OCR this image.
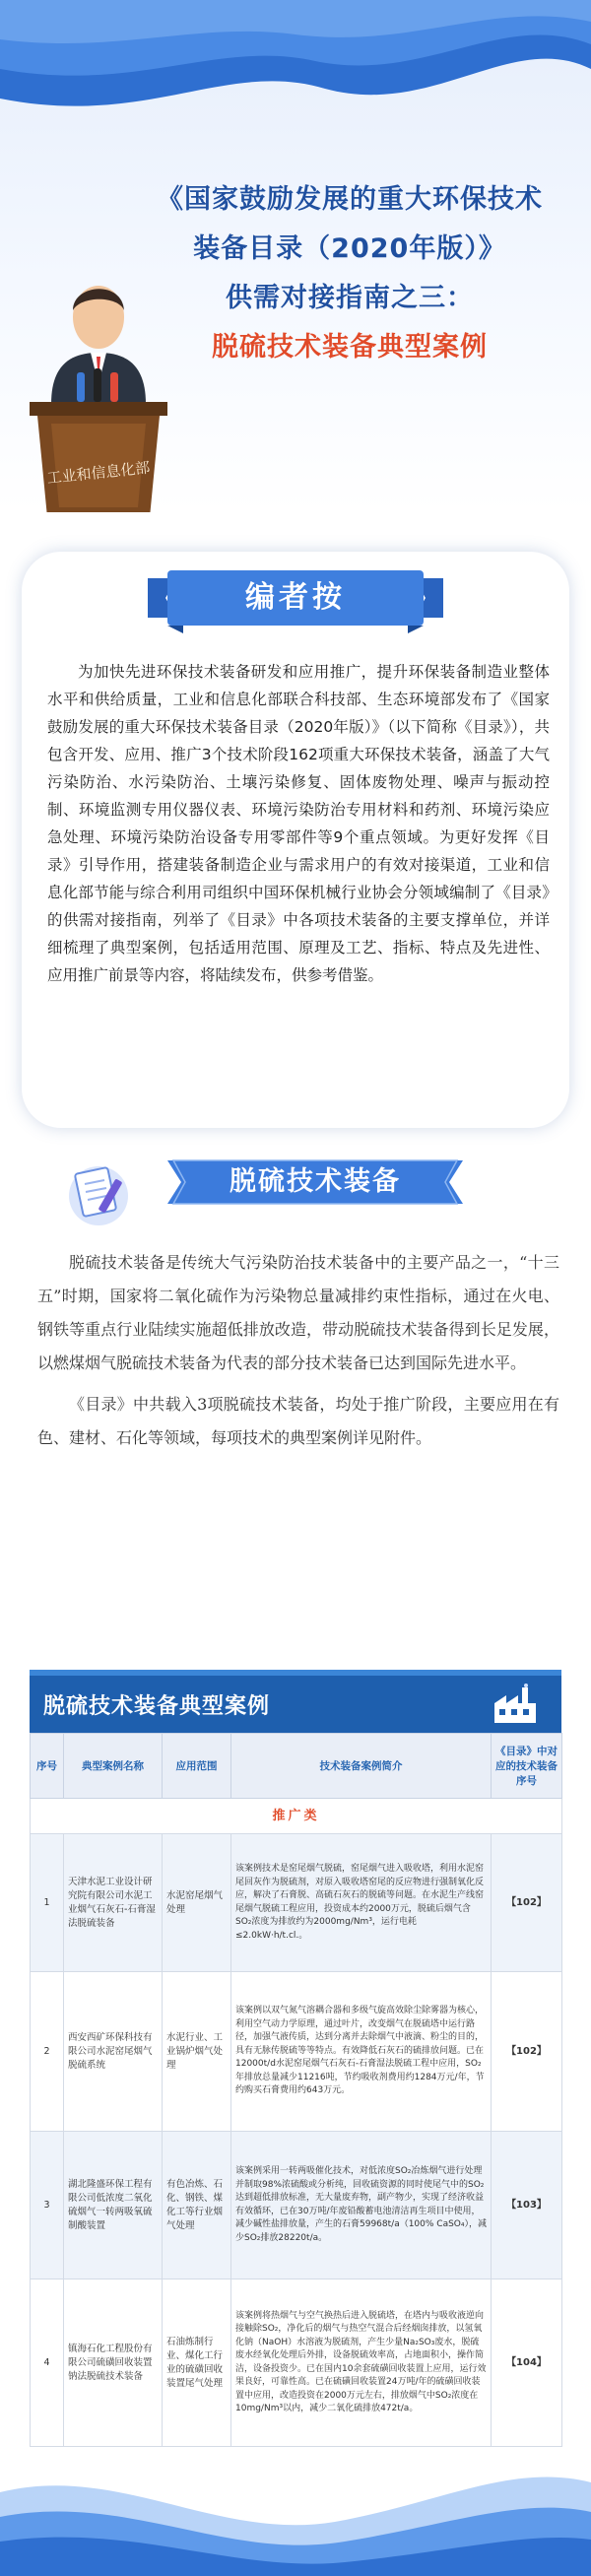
《国家鼓励发展的重大环保技术
装备目录（2020年版）》
供需对接指南之三：
脱硫技术装备典型案例
工业和信息化部
编者按
为加快先进环保技术装备研发和应用推广，提升环保装备制造业整体水平和供给质量，工业和信息化部联合科技部、生态环境部发布了《国家鼓励发展的重大环保技术装备目录（2020年版）》（以下简称《目录》），共包含开发、应用、推广3个技术阶段162项重大环保技术装备，涵盖了大气污染防治、水污染防治、土壤污染修复、固体废物处理、噪声与振动控制、环境监测专用仪器仪表、环境污染防治专用材料和药剂、环境污染应急处理、环境污染防治设备专用零部件等9个重点领域。为更好发挥《目录》引导作用，搭建装备制造企业与需求用户的有效对接渠道，工业和信息化部节能与综合利用司组织中国环保机械行业协会分领域编制了《目录》的供需对接指南，列举了《目录》中各项技术装备的主要支撑单位，并详细梳理了典型案例，包括适用范围、原理及工艺、指标、特点及先进性、应用推广前景等内容，将陆续发布，供参考借鉴。
脱硫技术装备

脱硫技术装备是传统大气污染防治技术装备中的主要产品之一，“十三五”时期，国家将二氧化硫作为污染物总量减排约束性指标，通过在火电、钢铁等重点行业陆续实施超低排放改造，带动脱硫技术装备得到长足发展，以燃煤烟气脱硫技术装备为代表的部分技术装备已达到国际先进水平。

《目录》中共载入3项脱硫技术装备，均处于推广阶段，主要应用在有色、建材、石化等领域，每项技术的典型案例详见附件。

脱硫技术装备典型案例
序号	典型案例名称	应用范围	技术装备案例简介	《目录》中对应的技术装备序号
推广类				
1	天津水泥工业设计研究院有限公司水泥工业烟气石灰石-石膏湿法脱硫装备	水泥窑尾烟气处理	该案例技术是窑尾烟气脱硫，窑尾烟气进入吸收塔，利用水泥窑尾回灰作为脱硫剂，对原入吸收塔窑尾的反应物进行强制氧化反应，解决了石膏脱、高硫石灰石的脱硫等问题。在水泥生产线窑尾烟气脱硫工程应用，投资成本约2000万元，脱硫后烟气含SO₂浓度为排放约为2000mg/Nm³，运行电耗≤2.0kW·h/t.cl.。	【102】
2	西安西矿环保科技有限公司水泥窑尾烟气脱硫系统	水泥行业、工业锅炉烟气处理	该案例以双气氮气溶耦合器和多级气旋高效除尘除雾器为核心，利用空气动力学原理，通过叶片，改变烟气在脱硫塔中运行路径，加强气液传质，达到分离并去除烟气中液滴、粉尘的目的，具有无脉传脱硫等等特点。有效降低石灰石的硫排放问题。已在12000t/d水泥窑尾烟气石灰石-石膏湿法脱硫工程中应用，SO₂年排放总量减少11216吨，节约吸收剂费用约1284万元/年，节约购买石膏费用约643万元。	【102】
3	湖北隆盛环保工程有限公司低浓度二氧化硫烟气一转两吸氧硫制酸装置	有色冶炼、石化、钢铁、煤化工等行业烟气处理	该案例采用一转两吸催化技术，对低浓度SO₂冶炼烟气进行处理并制取98%浓硫酸或分析纯，回收硫资源的同时使尾气中的SO₂达到超低排放标准，无大量废弃物，副产物少，实现了经济收益有效循环，已在30万吨/年废铅酸蓄电池清洁再生项目中使用，减少碱性盐排放量，产生的石膏59968t/a（100% CaSO₄），减少SO₂排放28220t/a。	【103】
4	镇海石化工程股份有限公司硫磺回收装置钠法脱硫技术装备	石油炼制行业、煤化工行业的硫磺回收装置尾气处理	该案例将热烟气与空气换热后进入脱硫塔，在塔内与吸收液逆向接触除SO₂，净化后的烟气与热空气混合后经烟囱排放，以氢氧化钠（NaOH）水溶液为脱硫剂，产生少量Na₂SO₃废水，脱硫废水经氧化处理后外排，设备脱硫效率高，占地面积小，操作简洁，设备投资少。已在国内10余套硫磺回收装置上应用，运行效果良好，可靠性高。已在硫磺回收装置24万吨/年的硫磺回收装置中应用，改造投资在2000万元左右，排放烟气中SO₂浓度在10mg/Nm³以内，减少二氧化硫排放472t/a。	【104】
